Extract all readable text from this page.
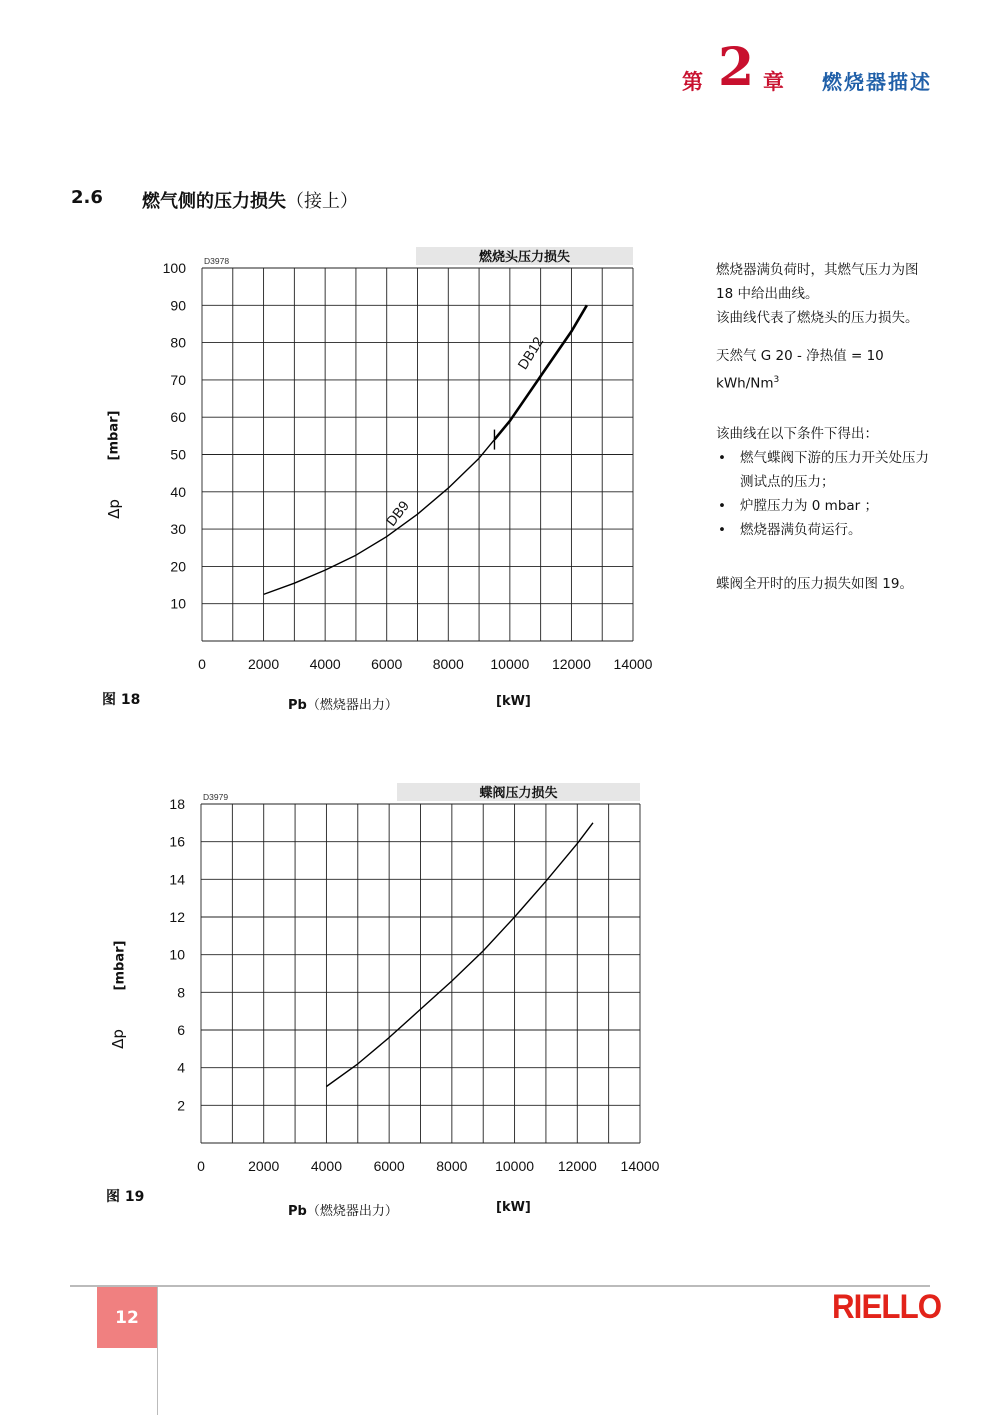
第 2 章 燃烧器描述
2.6 燃气侧的压力损失（接上）
燃烧头压力损失
D3978
10
20
30
40
50
60
70
80
90
100
0	2000 4000 6000 8000 10000 12000 14000
DB9
DB12
蝶阀压力损失
D3979
2
4
6
8
10
12
14
16
18
0	2000 4000 6000 8000 10000 12000 14000
[mbar]
Δp
图 18	Pb（燃烧器出力）	[kW]
[mbar]
Δp
图 19
Pb（燃烧器出力）	[kW]

燃烧器满负荷时，其燃气压力为图 18 中给出曲线。

该曲线代表了燃烧头的压力损失。

天然气 G 20 - 净热值 = 10 kWh/Nm$^3$

该曲线在以下条件下得出：

• 燃气蝶阀下游的压力开关处压力测试点的压力；
• 炉膛压力为 0 mbar ；
• 燃烧器满负荷运行。

蝶阀全开时的压力损失如图 19。

12	RIELLO
